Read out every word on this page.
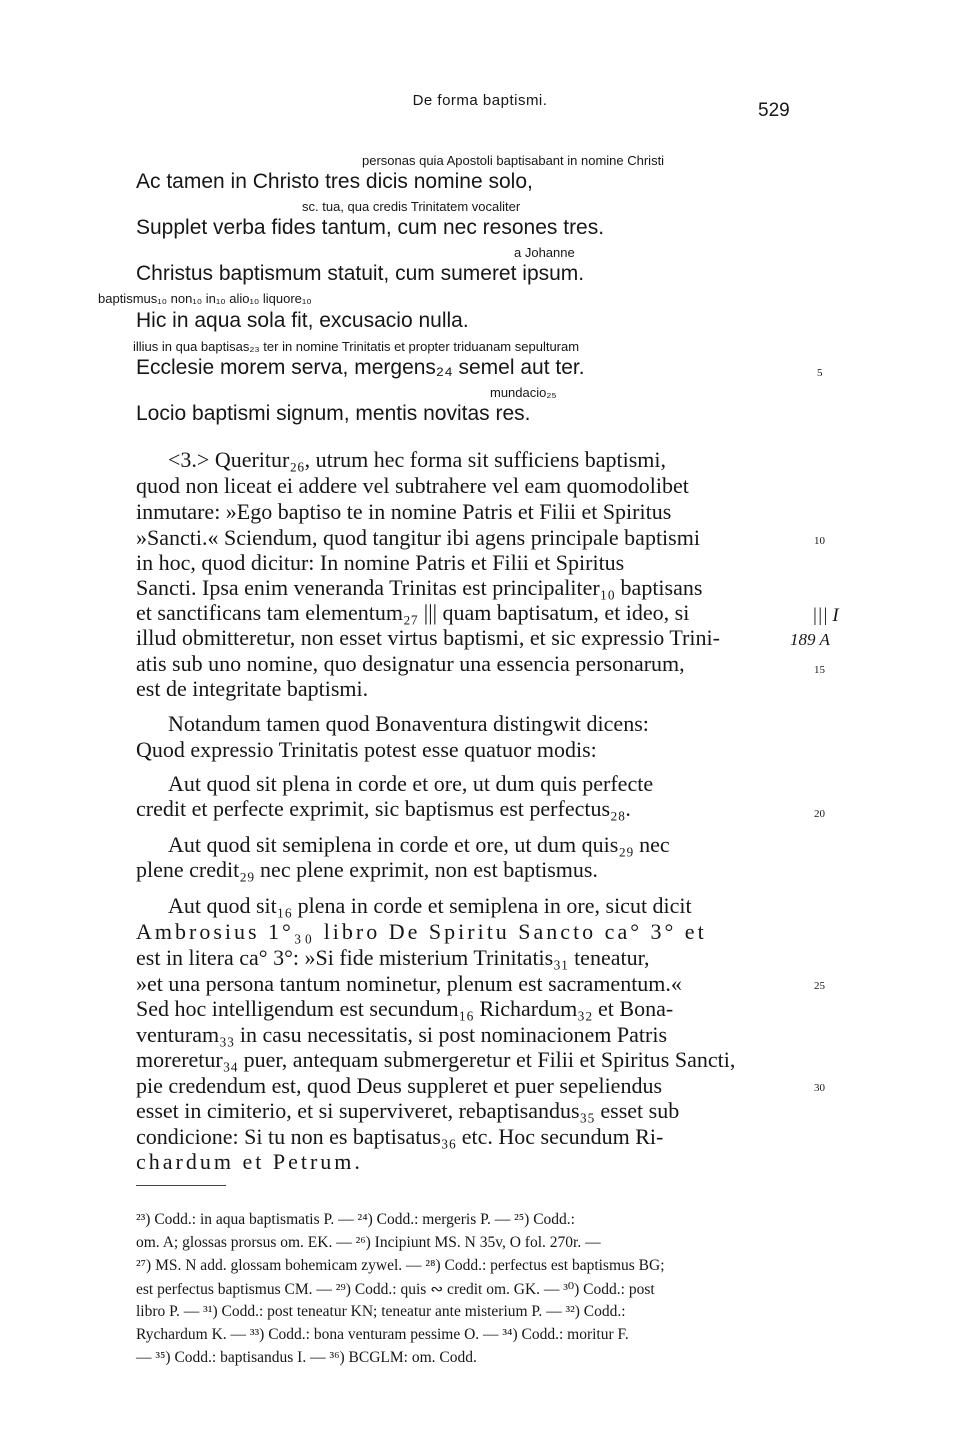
De forma baptismi.	529
personas quia Apostoli baptisabant in nomine Christi
Ac tamen in Christo tres dicis nomine solo,
sc. tua, qua credis Trinitatem vocaliter
Supplet verba fides tantum, cum nec resones tres.
a Johanne
Christus baptismum statuit, cum sumeret ipsum.
baptismus₁₀ non₁₀ in₁₀ alio₁₀ liquore₁₀
Hic in aqua sola fit, excusacio nulla.
illius in qua baptisas₂₃ ter in nomine Trinitatis et propter triduanam sepulturam
Ecclesie morem serva, mergens₂₄ semel aut ter.
mundacio₂₅
Locio baptismi signum, mentis novitas res.
5
10
15
20
25
30
||| I
189 A
<3.> Queritur₂₆, utrum hec forma sit sufficiens baptismi,
quod non liceat ei addere vel subtrahere vel eam quomodolibet
inmutare: »Ego baptiso te in nomine Patris et Filii et Spiritus
»Sancti.« Sciendum, quod tangitur ibi agens principale baptismi
in hoc, quod dicitur: In nomine Patris et Filii et Spiritus
Sancti. Ipsa enim veneranda Trinitas est principaliter₁₀ baptisans
et sanctificans tam elementum₂₇ ||| quam baptisatum, et ideo, si
illud obmitteretur, non esset virtus baptismi, et sic expressio Trini-
atis sub uno nomine, quo designatur una essencia personarum,
est de integritate baptismi.
Notandum tamen quod Bonaventura distingwit dicens:
Quod expressio Trinitatis potest esse quatuor modis:
Aut quod sit plena in corde et ore, ut dum quis perfecte
credit et perfecte exprimit, sic baptismus est perfectus₂₈.
Aut quod sit semiplena in corde et ore, ut dum quis₂₉ nec
plene credit₂₉ nec plene exprimit, non est baptismus.
Aut quod sit₁₆ plena in corde et semiplena in ore, sicut dicit
Ambrosius 1°₃₀ libro De Spiritu Sancto ca° 3° et
est in litera ca° 3°: »Si fide misterium Trinitatis₃₁ teneatur,
»et una persona tantum nominetur, plenum est sacramentum.«
Sed hoc intelligendum est secundum₁₆ Richardum₃₂ et Bona-
venturam₃₃ in casu necessitatis, si post nominacionem Patris
moreretur₃₄ puer, antequam submergeretur et Filii et Spiritus Sancti,
pie credendum est, quod Deus suppleret et puer sepeliendus
esset in cimiterio, et si superviveret, rebaptisandus₃₅ esset sub
condicione: Si tu non es baptisatus₃₆ etc. Hoc secundum Ri-
chardum et Petrum.
²³) Codd.: in aqua baptismatis P. — ²⁴) Codd.: mergeris P. — ²⁵) Codd.:
om. A; glossas prorsus om. EK. — ²⁶) Incipiunt MS. N 35v, O fol. 270r. —
²⁷) MS. N add. glossam bohemicam zywel. — ²⁸) Codd.: perfectus est baptismus BG;
est perfectus baptismus CM. — ²⁹) Codd.: quis ∾ credit om. GK. — ³⁰) Codd.: post
libro P. — ³¹) Codd.: post teneatur KN; teneatur ante misterium P. — ³²) Codd.:
Rychardum K. — ³³) Codd.: bona venturam pessime O. — ³⁴) Codd.: moritur F.
— ³⁵) Codd.: baptisandus I. — ³⁶) BCGLM: om. Codd.
